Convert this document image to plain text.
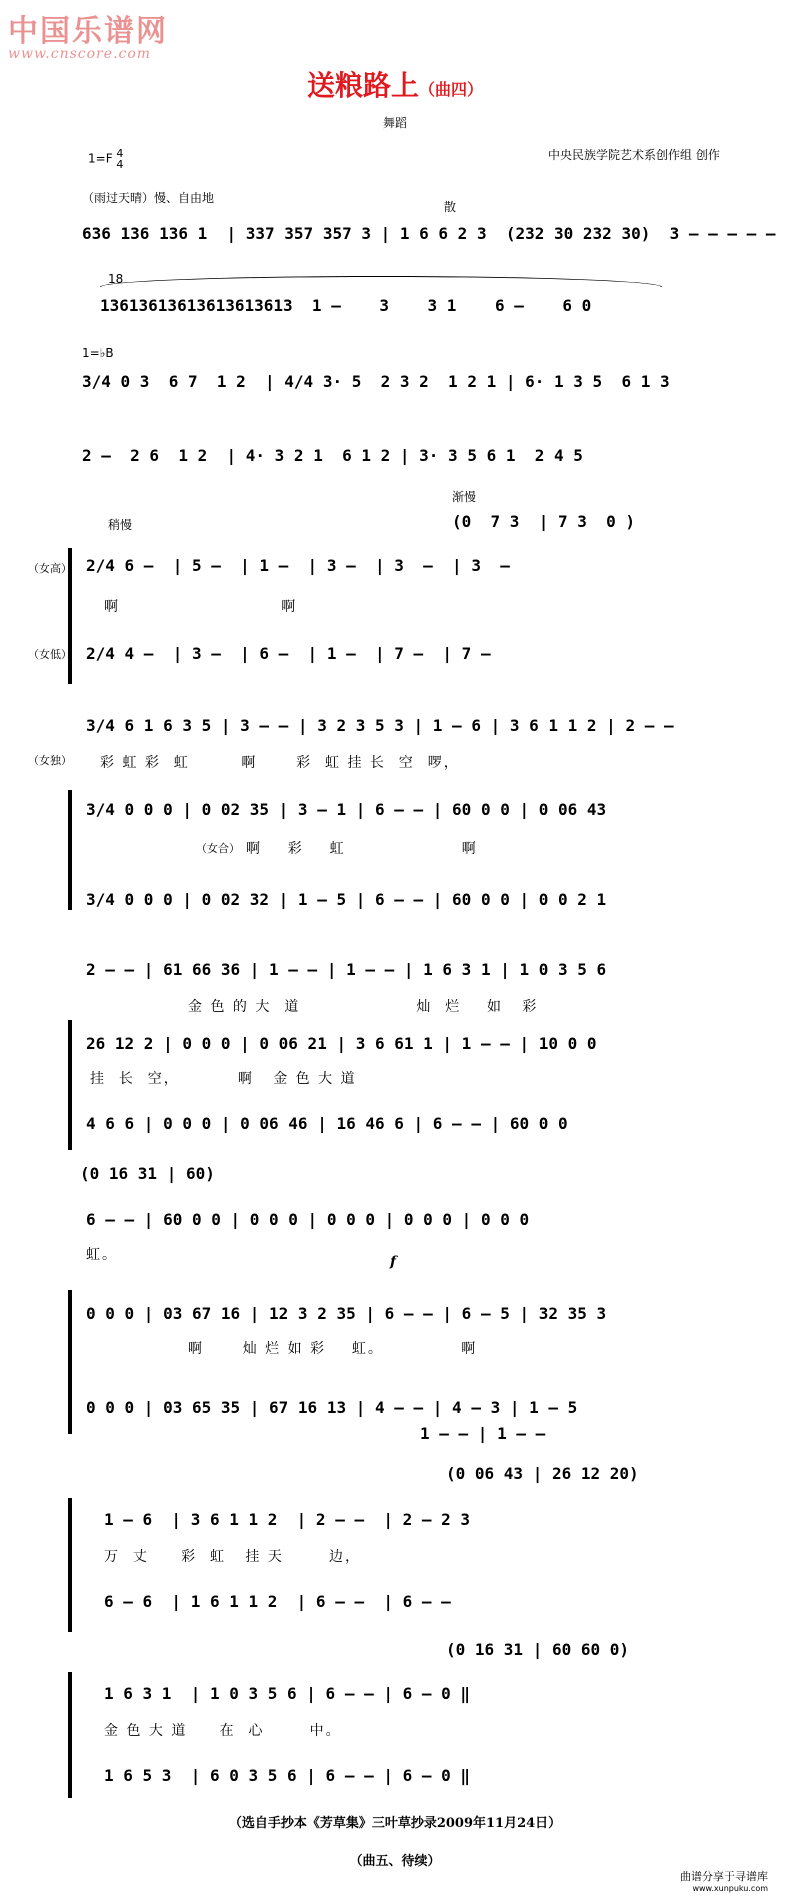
中国乐谱网
www.cnscore.com
送粮路上（曲四）
舞蹈
1=F 4
4
中央民族学院艺术系创作组 创作
（雨过天晴）慢、自由地
散
636 136 136 1  | 337 357 357 3 | 1 6 6 2 3  (232 30 232 30)  3 — — — — —
18
13613613613613613613  1 —    3    3 1    6 —    6 0
1=♭B
3/4 0 3  6 7  1 2  | 4/4 3· 5  2 3 2  1 2 1 | 6· 1 3 5  6 1 3
2 —  2 6  1 2  | 4· 3 2 1  6 1 2 | 3· 3 5 6 1  2 4 5
渐慢
稍慢	(0  7 3  | 7 3  0 )
（女高） 2/4 6 —  | 5 —  | 1 —  | 3 —  | 3  —  | 3  —
啊                         啊
（女低） 2/4 4 —  | 3 —  | 6 —  | 1 —  | 7 —  | 7 —
（女独）
3/4 6 1 6 3 5 | 3 — — | 3 2 3 5 3 | 1 — 6 | 3 6 1 1 2 | 2 — —
彩 虹 彩  虹        啊      彩  虹 挂 长  空  啰，
3/4 0 0 0 | 0 02 35 | 3 — 1 | 6 — — | 60 0 0 | 0 06 43
（女合） 啊    彩    虹                  啊
3/4 0 0 0 | 0 02 32 | 1 — 5 | 6 — — | 60 0 0 | 0 0 2 1
2 — — | 61 66 36 | 1 — — | 1 — — | 1 6 3 1 | 1 0 3 5 6
金 色 的 大  道                  灿  烂    如   彩
26 12 2 | 0 0 0 | 0 06 21 | 3 6 61 1 | 1 — — | 10 0 0
挂  长  空，         啊   金 色 大 道
4 6 6 | 0 0 0 | 0 06 46 | 16 46 6 | 6 — — | 60 0 0
(0 16 31 | 60)
6 — — | 60 0 0 | 0 0 0 | 0 0 0 | 0 0 0 | 0 0 0
虹。	f
0 0 0 | 03 67 16 | 12 3 2 35 | 6 — — | 6 — 5 | 32 35 3
啊      灿 烂 如 彩    虹。            啊
0 0 0 | 03 65 35 | 67 16 13 | 4 — — | 4 — 3 | 1 — 5
1 — — | 1 — —
(0 06 43 | 26 12 20)
1 — 6  | 3 6 1 1 2  | 2 — —  | 2 — 2 3
万  丈     彩  虹   挂 天       边，
6 — 6  | 1 6 1 1 2  | 6 — —  | 6 — —
(0 16 31 | 60 60 0)
1 6 3 1  | 1 0 3 5 6 | 6 — — | 6 — 0 ‖
金 色 大 道     在  心       中。
1 6 5 3  | 6 0 3 5 6 | 6 — — | 6 — 0 ‖
（选自手抄本《芳草集》三叶草抄录2009年11月24日）
（曲五、待续）
曲谱分享于寻谱库
www.xunpuku.com
